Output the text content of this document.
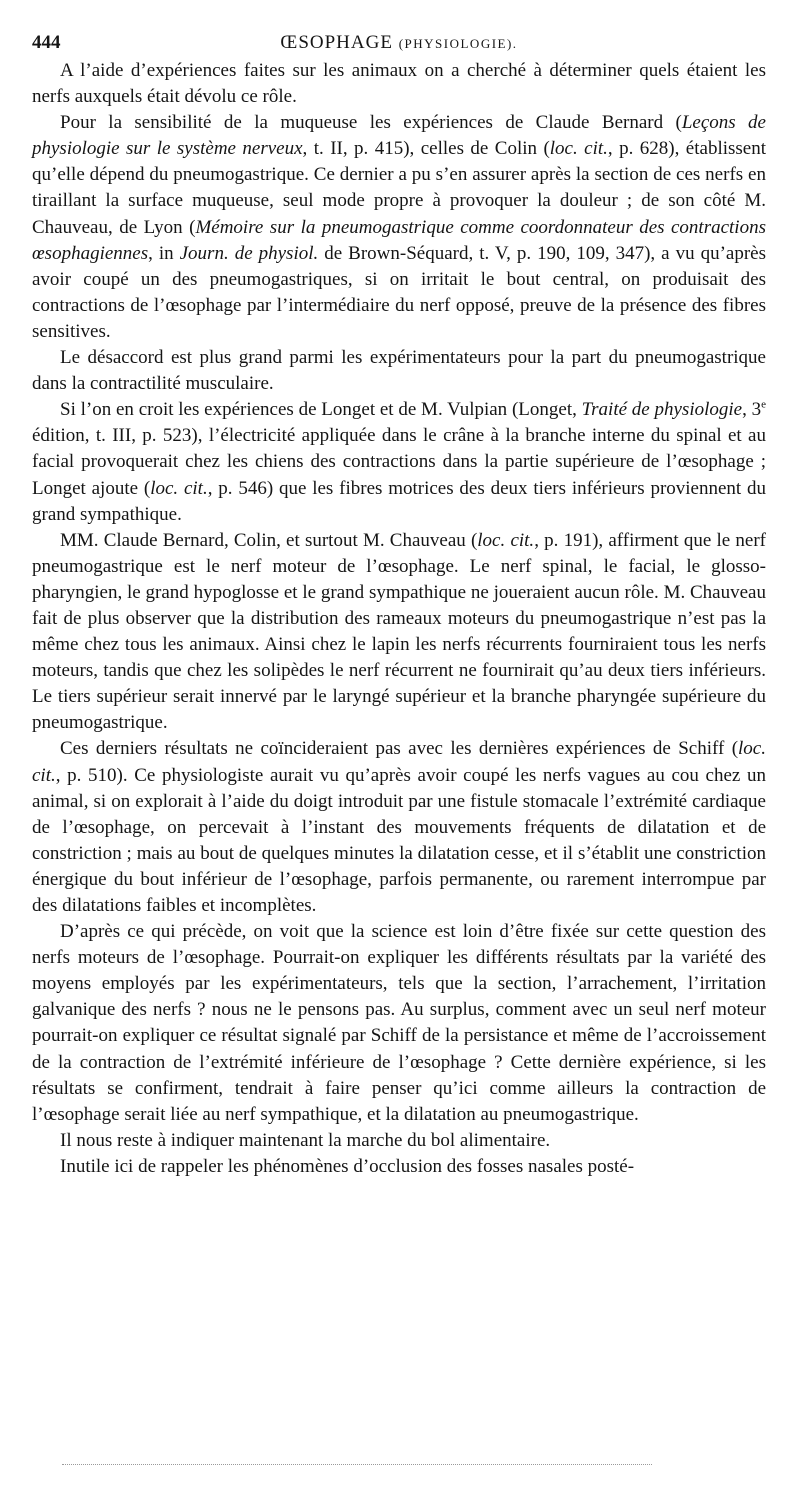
444	ŒSOPHAGE (PHYSIOLOGIE).

A l’aide d’expériences faites sur les animaux on a cherché à déterminer quels étaient les nerfs auxquels était dévolu ce rôle.

Pour la sensibilité de la muqueuse les expériences de Claude Bernard (Leçons de physiologie sur le système nerveux, t. II, p. 415), celles de Colin (loc. cit., p. 628), établissent qu’elle dépend du pneumogastrique. Ce dernier a pu s’en assurer après la section de ces nerfs en tiraillant la surface muqueuse, seul mode propre à provoquer la douleur ; de son côté M. Chauveau, de Lyon (Mémoire sur la pneumogastrique comme coordonnateur des contractions œsophagiennes, in Journ. de physiol. de Brown-Séquard, t. V, p. 190, 109, 347), a vu qu’après avoir coupé un des pneumogastriques, si on irritait le bout central, on produisait des contractions de l’œsophage par l’intermédiaire du nerf opposé, preuve de la présence des fibres sensitives.

Le désaccord est plus grand parmi les expérimentateurs pour la part du pneumogastrique dans la contractilité musculaire.

Si l’on en croit les expériences de Longet et de M. Vulpian (Longet, Traité de physiologie, 3e édition, t. III, p. 523), l’électricité appliquée dans le crâne à la branche interne du spinal et au facial provoquerait chez les chiens des contractions dans la partie supérieure de l’œsophage ; Longet ajoute (loc. cit., p. 546) que les fibres motrices des deux tiers inférieurs proviennent du grand sympathique.

MM. Claude Bernard, Colin, et surtout M. Chauveau (loc. cit., p. 191), affirment que le nerf pneumogastrique est le nerf moteur de l’œsophage. Le nerf spinal, le facial, le glosso-pharyngien, le grand hypoglosse et le grand sympathique ne joueraient aucun rôle. M. Chauveau fait de plus observer que la distribution des rameaux moteurs du pneumogastrique n’est pas la même chez tous les animaux. Ainsi chez le lapin les nerfs récurrents fourniraient tous les nerfs moteurs, tandis que chez les solipèdes le nerf récurrent ne fournirait qu’au deux tiers inférieurs. Le tiers supérieur serait innervé par le laryngé supérieur et la branche pharyngée supérieure du pneumogastrique.

Ces derniers résultats ne coïncideraient pas avec les dernières expériences de Schiff (loc. cit., p. 510). Ce physiologiste aurait vu qu’après avoir coupé les nerfs vagues au cou chez un animal, si on explorait à l’aide du doigt introduit par une fistule stomacale l’extrémité cardiaque de l’œsophage, on percevait à l’instant des mouvements fréquents de dilatation et de constriction ; mais au bout de quelques minutes la dilatation cesse, et il s’établit une constriction énergique du bout inférieur de l’œsophage, parfois permanente, ou rarement interrompue par des dilatations faibles et incomplètes.

D’après ce qui précède, on voit que la science est loin d’être fixée sur cette question des nerfs moteurs de l’œsophage. Pourrait-on expliquer les différents résultats par la variété des moyens employés par les expérimentateurs, tels que la section, l’arrachement, l’irritation galvanique des nerfs ? nous ne le pensons pas. Au surplus, comment avec un seul nerf moteur pourrait-on expliquer ce résultat signalé par Schiff de la persistance et même de l’accroissement de la contraction de l’extrémité inférieure de l’œsophage ? Cette dernière expérience, si les résultats se confirment, tendrait à faire penser qu’ici comme ailleurs la contraction de l’œsophage serait liée au nerf sympathique, et la dilatation au pneumogastrique.

Il nous reste à indiquer maintenant la marche du bol alimentaire.

Inutile ici de rappeler les phénomènes d’occlusion des fosses nasales posté-
